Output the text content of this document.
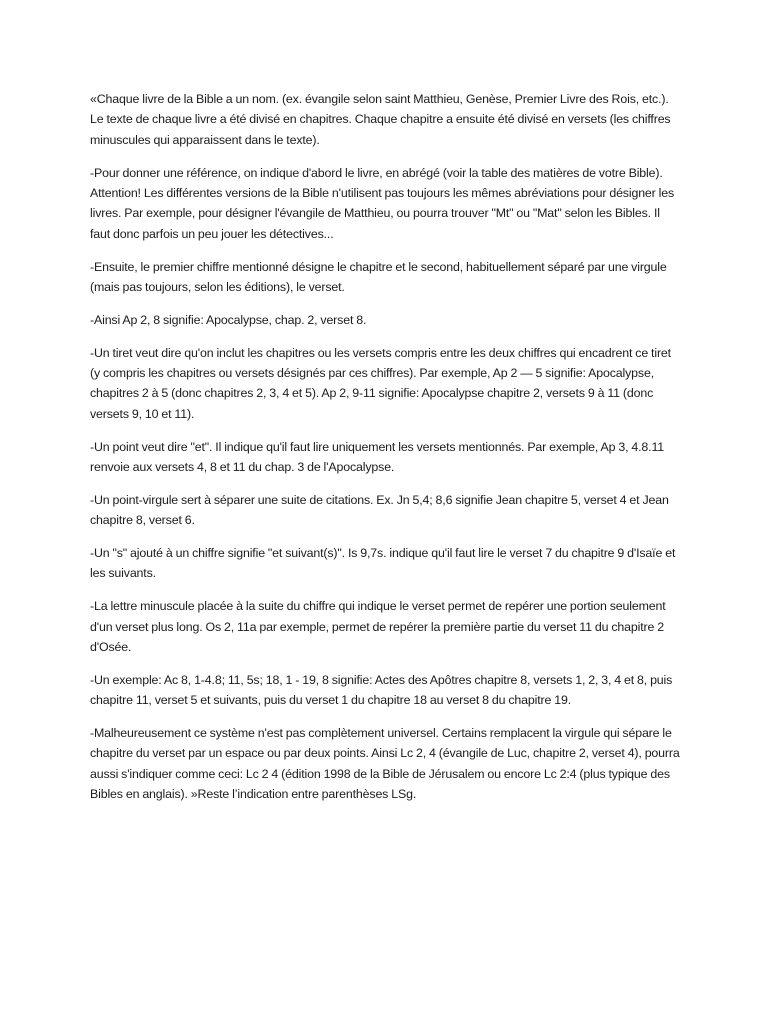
«Chaque livre de la Bible a un nom. (ex. évangile selon saint Matthieu, Genèse, Premier Livre des Rois, etc.). Le texte de chaque livre a été divisé en chapitres. Chaque chapitre a ensuite été divisé en versets (les chiffres minuscules qui apparaissent dans le texte).

-Pour donner une référence, on indique d'abord le livre, en abrégé (voir la table des matières de votre Bible). Attention! Les différentes versions de la Bible n'utilisent pas toujours les mêmes abréviations pour désigner les livres. Par exemple, pour désigner l'évangile de Matthieu, ou pourra trouver "Mt" ou "Mat" selon les Bibles. Il faut donc parfois un peu jouer les détectives...

-Ensuite, le premier chiffre mentionné désigne le chapitre et le second, habituellement séparé par une virgule (mais pas toujours, selon les éditions), le verset.

-Ainsi Ap 2, 8 signifie: Apocalypse, chap. 2, verset 8.

-Un tiret veut dire qu'on inclut les chapitres ou les versets compris entre les deux chiffres qui encadrent ce tiret (y compris les chapitres ou versets désignés par ces chiffres). Par exemple, Ap 2 — 5 signifie: Apocalypse, chapitres 2 à 5 (donc chapitres 2, 3, 4 et 5). Ap 2, 9-11 signifie: Apocalypse chapitre 2, versets 9 à 11 (donc versets 9, 10 et 11).

-Un point veut dire "et". Il indique qu'il faut lire uniquement les versets mentionnés. Par exemple, Ap 3, 4.8.11 renvoie aux versets 4, 8 et 11 du chap. 3 de l'Apocalypse.

-Un point-virgule sert à séparer une suite de citations. Ex. Jn 5,4; 8,6 signifie Jean chapitre 5, verset 4 et Jean chapitre 8, verset 6.

-Un "s" ajouté à un chiffre signifie "et suivant(s)". Is 9,7s. indique qu'il faut lire le verset 7 du chapitre 9 d'Isaïe et les suivants.

-La lettre minuscule placée à la suite du chiffre qui indique le verset permet de repérer une portion seulement d'un verset plus long. Os 2, 11a par exemple, permet de repérer la première partie du verset 11 du chapitre 2 d'Osée.

-Un exemple: Ac 8, 1-4.8; 11, 5s; 18, 1 - 19, 8 signifie: Actes des Apôtres chapitre 8, versets 1, 2, 3, 4 et 8, puis chapitre 11, verset 5 et suivants, puis du verset 1 du chapitre 18 au verset 8 du chapitre 19.

-Malheureusement ce système n'est pas complètement universel. Certains remplacent la virgule qui sépare le chapitre du verset par un espace ou par deux points. Ainsi Lc 2, 4 (évangile de Luc, chapitre 2, verset 4), pourra aussi s'indiquer comme ceci: Lc 2 4 (édition 1998 de la Bible de Jérusalem ou encore Lc 2:4 (plus typique des Bibles en anglais). »Reste l’indication entre parenthèses LSg.
